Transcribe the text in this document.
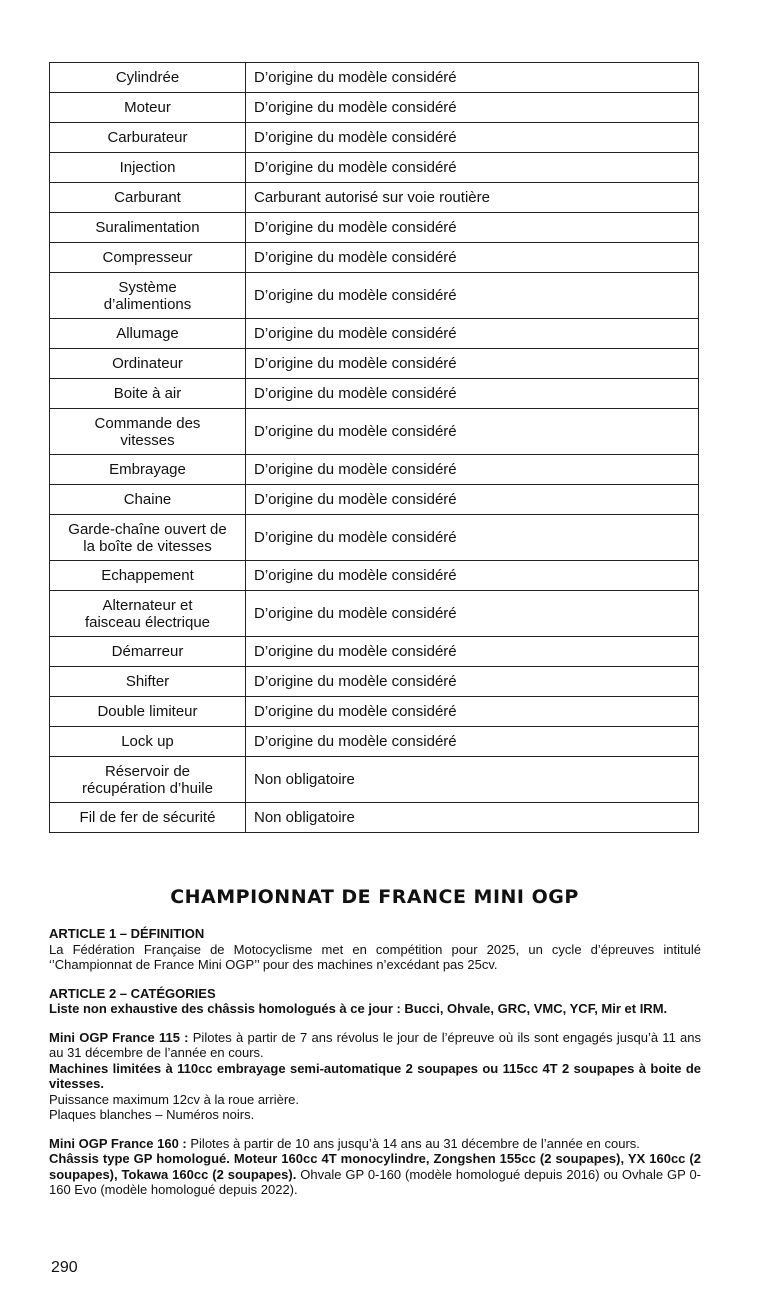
Cylindrée	D’origine du modèle considéré
Moteur	D’origine du modèle considéré
Carburateur	D’origine du modèle considéré
Injection	D’origine du modèle considéré
Carburant	Carburant autorisé sur voie routière
Suralimentation	D’origine du modèle considéré
Compresseur	D’origine du modèle considéré

Système
d’alimentions	D’origine du modèle considéré
Allumage	D’origine du modèle considéré
Ordinateur	D’origine du modèle considéré
Boite à air	D’origine du modèle considéré

Commande des
vitesses	D’origine du modèle considéré
Embrayage	D’origine du modèle considéré
Chaine	D’origine du modèle considéré

Garde-chaîne ouvert de
la boîte de vitesses	D’origine du modèle considéré
Echappement	D’origine du modèle considéré

Alternateur et
faisceau électrique	D’origine du modèle considéré
Démarreur	D’origine du modèle considéré
Shifter	D’origine du modèle considéré
Double limiteur	D’origine du modèle considéré
Lock up	D’origine du modèle considéré

Réservoir de
récupération d’huile	Non obligatoire
Fil de fer de sécurité	Non obligatoire
CHAMPIONNAT DE FRANCE MINI OGP

ARTICLE 1 – DÉFINITION

La Fédération Française de Motocyclisme met en compétition pour 2025, un cycle d’épreuves intitulé ‘’Championnat de France Mini OGP’’ pour des machines n’excédant pas 25cv.

ARTICLE 2 – CATÉGORIES

Liste non exhaustive des châssis homologués à ce jour : Bucci, Ohvale, GRC, VMC, YCF, Mir et IRM.

Mini OGP France 115 : Pilotes à partir de 7 ans révolus le jour de l’épreuve où ils sont engagés jusqu’à 11 ans au 31 décembre de l’année en cours.

Machines limitées à 110cc embrayage semi-automatique 2 soupapes ou 115cc 4T 2 soupapes à boite de vitesses.

Puissance maximum 12cv à la roue arrière.

Plaques blanches – Numéros noirs.

Mini OGP France 160 : Pilotes à partir de 10 ans jusqu’à 14 ans au 31 décembre de l’année en cours.

Châssis type GP homologué. Moteur 160cc 4T monocylindre, Zongshen 155cc (2 soupapes), YX 160cc (2 soupapes), Tokawa 160cc (2 soupapes). Ohvale GP 0-160 (modèle homologué depuis 2016) ou Ovhale GP 0-160 Evo (modèle homologué depuis 2022).

290
